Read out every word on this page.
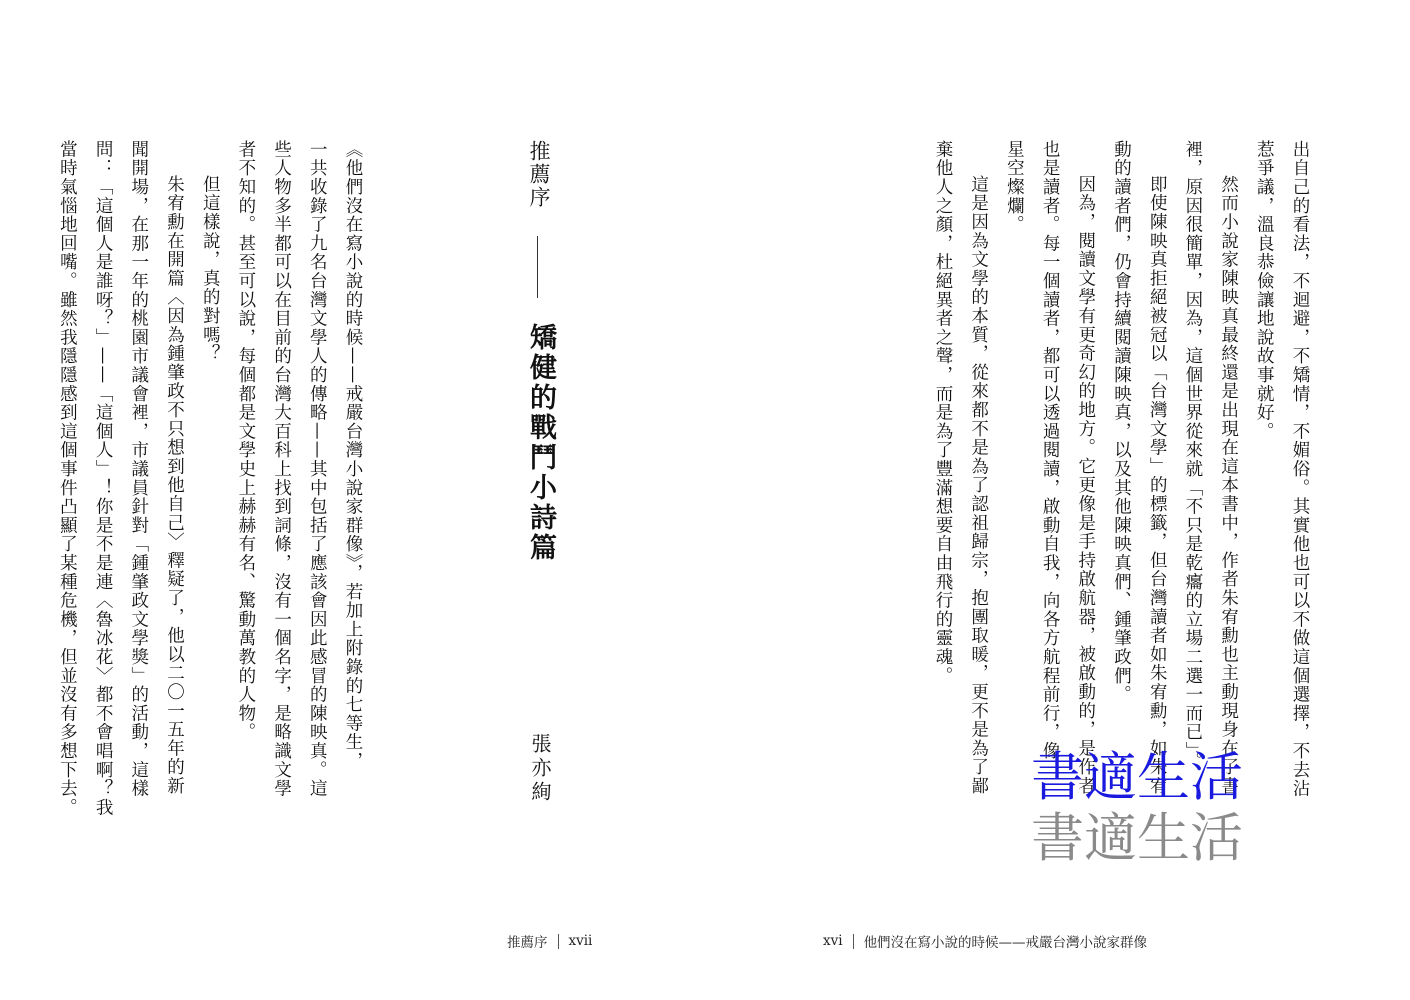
《他們沒在寫小說的時候——戒嚴台灣小說家群像》，若加上附錄的七等生，

一共收錄了九名台灣文學人的傳略——其中包括了應該會因此感冒的陳映真。這

些人物多半都可以在目前的台灣大百科上找到詞條，沒有一個名字，是略識文學

者不知的。甚至可以說，每個都是文學史上赫赫有名、驚動萬教的人物。

但這樣說，真的對嗎？

朱宥勳在開篇〈因為鍾肇政不只想到他自己〉釋疑了，他以二〇一五年的新

聞開場，在那一年的桃園市議會裡，市議員針對「鍾肇政文學獎」的活動，這樣

問：「這個人是誰呀？」——「這個人」！你是不是連〈魯冰花〉都不會唱啊？我

當時氣惱地回嘴。雖然我隱隱感到這個事件凸顯了某種危機，但並沒有多想下去。	推薦序
矯健的戰鬥小詩篇
張亦絢
推薦序 xvii

出自己的看法，不迴避，不矯情，不媚俗。其實他也可以不做這個選擇，不去沾

惹爭議，溫良恭儉讓地說故事就好。

然而小說家陳映真最終還是出現在這本書中，作者朱宥勳也主動現身在了書

裡，原因很簡單，因為，這個世界從來就「不只是乾癟的立場二選一而已」。

即使陳映真拒絕被冠以「台灣文學」的標籤，但台灣讀者如朱宥勳，如朱宥

動的讀者們，仍會持續閱讀陳映真，以及其他陳映真們、鍾肇政們。

因為，閱讀文學有更奇幻的地方。它更像是手持啟航器，被啟動的，是作者

也是讀者。每一個讀者，都可以透過閱讀，啟動自我，向各方航程前行，像

星空燦爛。

這是因為文學的本質，從來都不是為了認祖歸宗，抱團取暖，更不是為了鄙

棄他人之顏，杜絕異者之聲，而是為了豐滿想要自由飛行的靈魂。

xvi 他們沒在寫小說的時候——戒嚴台灣小說家群像
書適生活
書適生活
